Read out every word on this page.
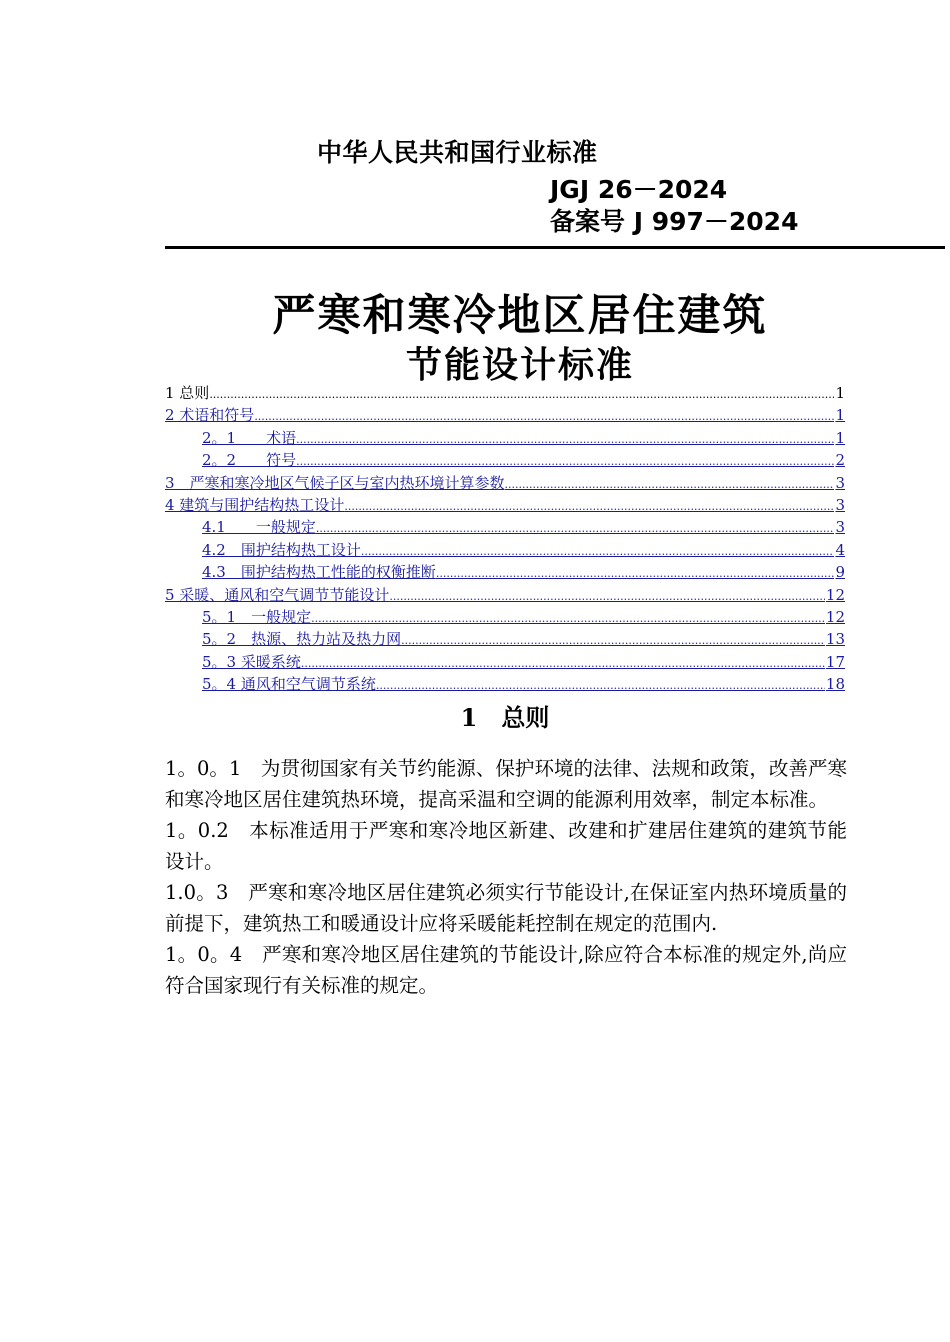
中华人民共和国行业标准
JGJ 26－2024
备案号 J 997－2024
严寒和寒冷地区居住建筑
节能设计标准
1 总则 .....	1
2 术语和符号 .....	1
2。1　　术语 .....	1
2。2　　符号 .....	2
3　严寒和寒冷地区气候子区与室内热环境计算参数 .....	3
4 建筑与围护结构热工设计 .....	3
4.1　　一般规定 .....	3
4.2　围护结构热工设计 .....	4
4.3　围护结构热工性能的权衡推断 .....	9
5 采暖、通风和空气调节节能设计 .....	12
5。1　一般规定 .....	12
5。2　热源、热力站及热力网 .....	13
5。3 采暖系统 .....	17
5。4 通风和空气调节系统 .....	18
1　总则

1。0。1　为贯彻国家有关节约能源、保护环境的法律、法规和政策，改善严寒和寒冷地区居住建筑热环境，提高采温和空调的能源利用效率，制定本标准。

1。0.2　本标准适用于严寒和寒冷地区新建、改建和扩建居住建筑的建筑节能设计。

1.0。3　严寒和寒冷地区居住建筑必须实行节能设计,在保证室内热环境质量的前提下，建筑热工和暖通设计应将采暖能耗控制在规定的范围内.

1。0。4　严寒和寒冷地区居住建筑的节能设计,除应符合本标准的规定外,尚应符合国家现行有关标准的规定。
